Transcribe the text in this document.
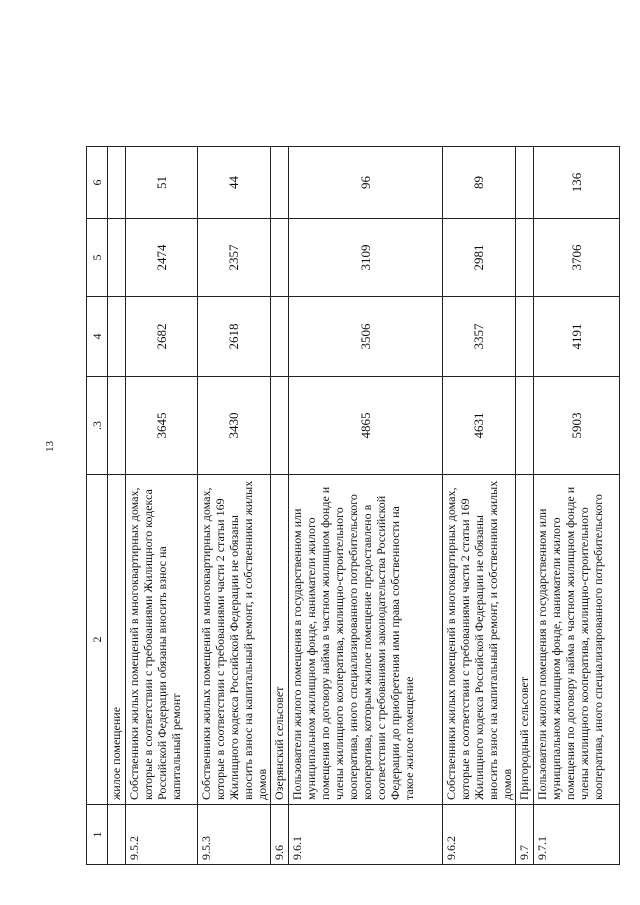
13
1	2	.3	4	5	6
	жилое помещение				
9.5.2	Собственники жилых помещений в многоквартирных домах, которые в соответствии с требованиями Жилищного кодекса Российской Федерации обязаны вносить взнос на капитальный ремонт	3645	2682	2474	51
9.5.3	Собственники жилых помещений в многоквартирных домах, которые в соответствии с требованиями части 2 статьи 169 Жилищного кодекса Российской Федерации не обязаны вносить взнос на капитальный ремонт, и собственники жилых домов	3430	2618	2357	44
9.6	Озерянский сельсовет				
9.6.1	Пользователи жилого помещения в государственном или муниципальном жилищном фонде, наниматели жилого помещения по договору найма в частном жилищном фонде и члены жилищного кооператива, жилищно-строительного кооператива, иного специализированного потребительского кооператива, которым жилое помещение предоставлено в соответствии с требованиями законодательства Российской Федерации до приобретения ими права собственности на такое жилое помещение	4865	3506	3109	96
9.6.2	Собственники жилых помещений в многоквартирных домах, которые в соответствии с требованиями части 2 статьи 169 Жилищного кодекса Российской Федерации не обязаны вносить взнос на капитальный ремонт, и собственники жилых домов	4631	3357	2981	89
9.7	Пригородный сельсовет				
9.7.1	Пользователи жилого помещения в государственном или муниципальном жилищном фонде, наниматели жилого помещения по договору найма в частном жилищном фонде и члены жилищного кооператива, жилищно-строительного кооператива, иного специализированного потребительского	5903	4191	3706	136
